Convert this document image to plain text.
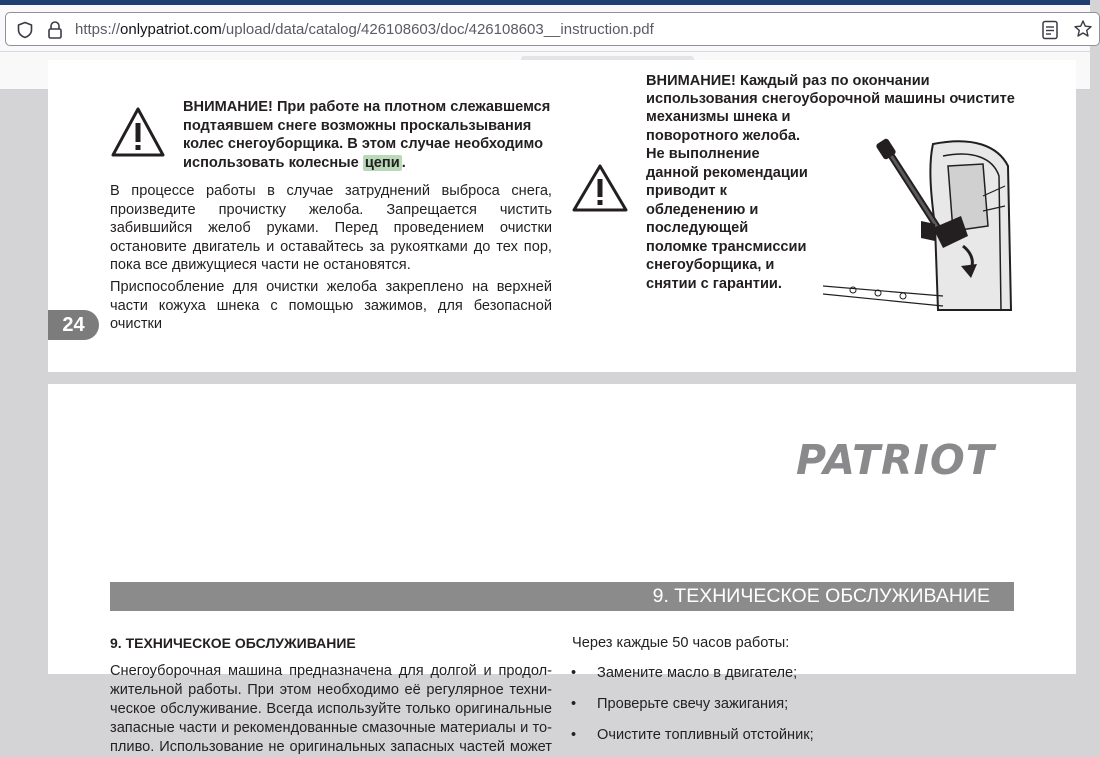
https://onlypatriot.com/upload/data/catalog/426108603/doc/426108603__instruction.pdf
ВНИМАНИЕ! При работе на плотном слежавшемся
подтаявшем снеге возможны проскальзывания
колес снегоуборщика. В этом случае необходимо
использовать колесные цепи .
В процессе работы в случае затруднений выброса снега,
произведите прочистку желоба. Запрещается чистить
забившийся желоб руками. Перед проведением очистки
остановите двигатель и оставайтесь за рукоятками до тех пор,
пока все движущиеся части не остановятся.
Приспособление для очистки желоба закреплено на верхней
части кожуха шнека с помощью зажимов, для безопасной очистки
24
ВНИМАНИЕ! Каждый раз по окончании
использования снегоуборочной машины очистите
механизмы шнека и
поворотного желоба.
Не выполнение
данной рекомендации
приводит к
обледенению и
последующей
поломке трансмиссии
снегоуборщика, и
снятии с гарантии.
PATRIOT
9. ТЕХНИЧЕСКОЕ ОБСЛУЖИВАНИЕ
9. ТЕХНИЧЕСКОЕ ОБСЛУЖИВАНИЕ
Снегоуборочная машина предназначена для долгой и продол-
жительной работы. При этом необходимо её регулярное техни-
ческое обслуживание. Всегда используйте только оригинальные
запасные части и рекомендованные смазочные материалы и то-
пливо. Использование не оригинальных запасных частей может
Через каждые 50 часов работы:
• Замените масло в двигателе;
• Проверьте свечу зажигания;
• Очистите топливный отстойник;
